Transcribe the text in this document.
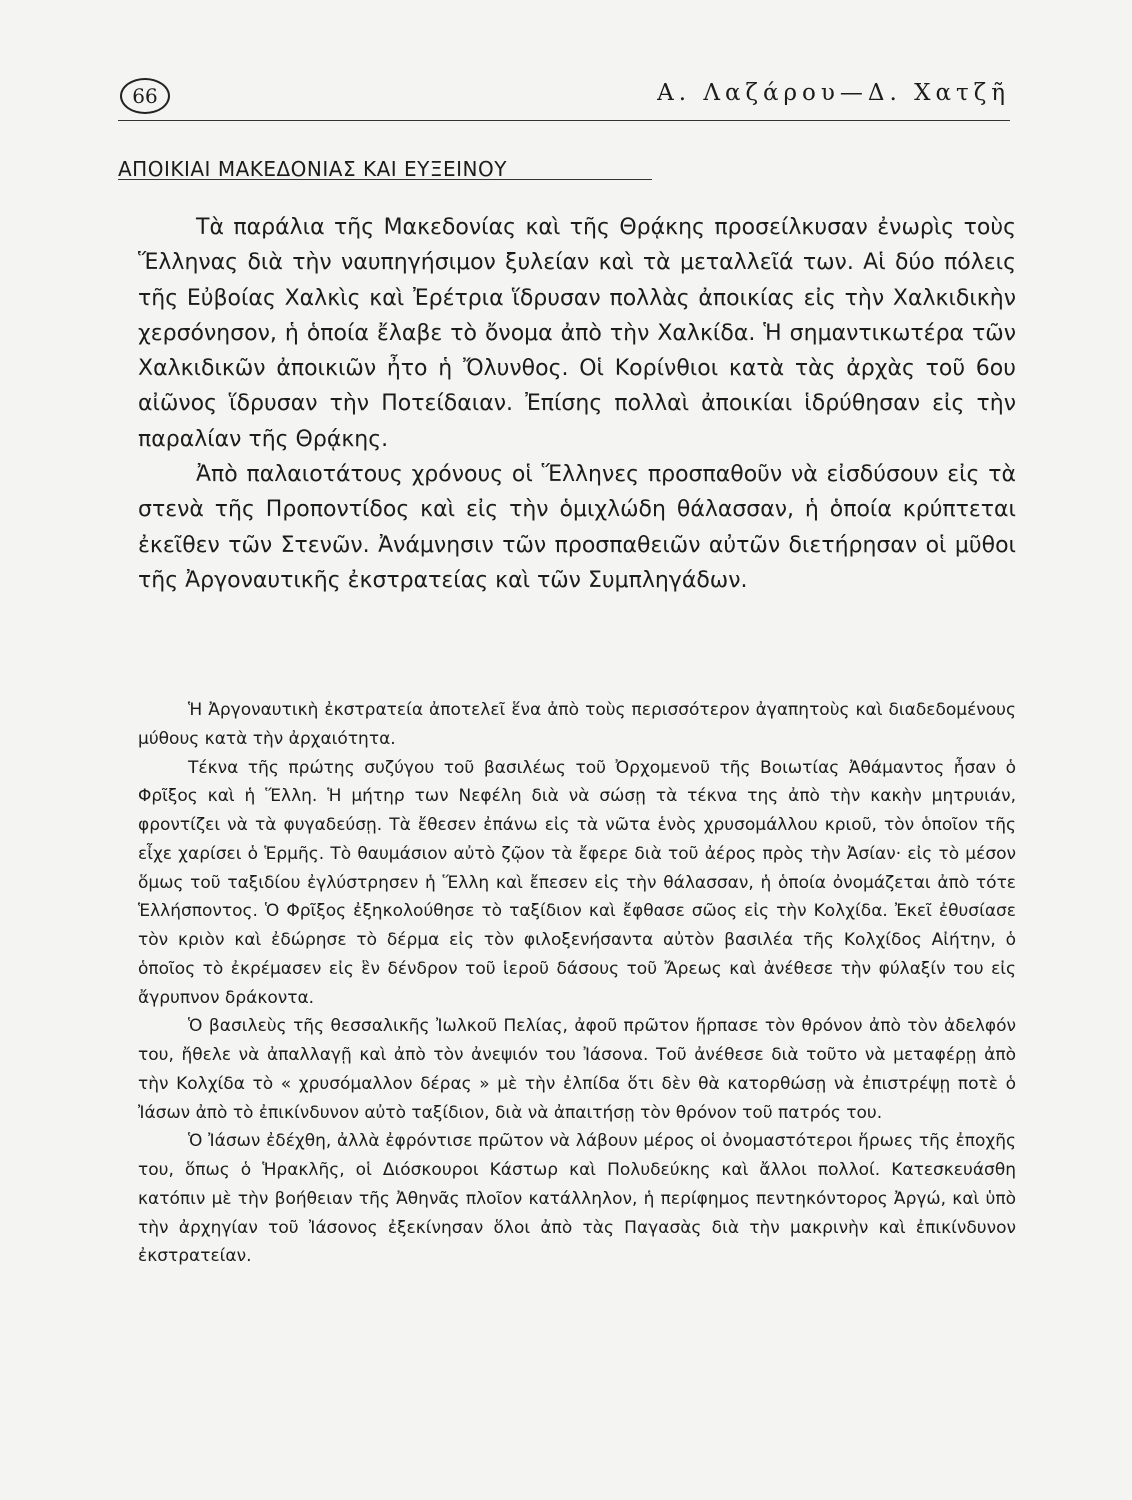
66	Α. Λαζάρου—Δ. Χατζῆ
ΑΠΟΙΚΙΑΙ ΜΑΚΕΔΟΝΙΑΣ ΚΑΙ ΕΥΞΕΙΝΟΥ

Τὰ παράλια τῆς Μακεδονίας καὶ τῆς Θρᾴκης προσείλκυσαν ἐνωρὶς τοὺς Ἕλληνας διὰ τὴν ναυπηγήσιμον ξυλείαν καὶ τὰ μεταλλεῖά των. Αἱ δύο πόλεις τῆς Εὐβοίας Χαλκὶς καὶ Ἐρέτρια ἵδρυσαν πολλὰς ἀποικίας εἰς τὴν Χαλκιδικὴν χερσόνησον, ἡ ὁποία ἔλαβε τὸ ὄνομα ἀπὸ τὴν Χαλκίδα. Ἡ σημαντικωτέρα τῶν Χαλκιδικῶν ἀποικιῶν ἦτο ἡ Ὄλυνθος. Οἱ Κορίνθιοι κατὰ τὰς ἀρχὰς τοῦ 6ου αἰῶνος ἵδρυσαν τὴν Ποτείδαιαν. Ἐπίσης πολλαὶ ἀποικίαι ἱδρύθησαν εἰς τὴν παραλίαν τῆς Θρᾴκης.

Ἀπὸ παλαιοτάτους χρόνους οἱ Ἕλληνες προσπαθοῦν νὰ εἰσδύσουν εἰς τὰ στενὰ τῆς Προποντίδος καὶ εἰς τὴν ὁμιχλώδη θάλασσαν, ἡ ὁποία κρύπτεται ἐκεῖθεν τῶν Στενῶν. Ἀνάμνησιν τῶν προσπαθειῶν αὐτῶν διετήρησαν οἱ μῦθοι τῆς Ἀργοναυτικῆς ἐκστρατείας καὶ τῶν Συμπληγάδων.

Ἡ Ἀργοναυτικὴ ἐκστρατεία ἀποτελεῖ ἕνα ἀπὸ τοὺς περισσότερον ἀγαπητοὺς καὶ διαδεδομένους μύθους κατὰ τὴν ἀρχαιότητα.

Τέκνα τῆς πρώτης συζύγου τοῦ βασιλέως τοῦ Ὀρχομενοῦ τῆς Βοιωτίας Ἀθάμαντος ἦσαν ὁ Φρῖξος καὶ ἡ Ἕλλη. Ἡ μήτηρ των Νεφέλη διὰ νὰ σώσῃ τὰ τέκνα της ἀπὸ τὴν κακὴν μητρυιάν, φροντίζει νὰ τὰ φυγαδεύσῃ. Τὰ ἔθεσεν ἐπάνω εἰς τὰ νῶτα ἑνὸς χρυσομάλλου κριοῦ, τὸν ὁποῖον τῆς εἶχε χαρίσει ὁ Ἑρμῆς. Τὸ θαυμάσιον αὐτὸ ζῷον τὰ ἔφερε διὰ τοῦ ἀέρος πρὸς τὴν Ἀσίαν· εἰς τὸ μέσον ὅμως τοῦ ταξιδίου ἐγλύστρησεν ἡ Ἕλλη καὶ ἔπεσεν εἰς τὴν θάλασσαν, ἡ ὁποία ὀνομάζεται ἀπὸ τότε Ἑλλήσποντος. Ὁ Φρῖξος ἐξηκολούθησε τὸ ταξίδιον καὶ ἔφθασε σῶος εἰς τὴν Κολχίδα. Ἐκεῖ ἐθυσίασε τὸν κριὸν καὶ ἐδώρησε τὸ δέρμα εἰς τὸν φιλοξενήσαντα αὐτὸν βασιλέα τῆς Κολχίδος Αἰήτην, ὁ ὁποῖος τὸ ἐκρέμασεν εἰς ἓν δένδρον τοῦ ἱεροῦ δάσους τοῦ Ἄρεως καὶ ἀνέθεσε τὴν φύλαξίν του εἰς ἄγρυπνον δράκοντα.

Ὁ βασιλεὺς τῆς θεσσαλικῆς Ἰωλκοῦ Πελίας, ἀφοῦ πρῶτον ἥρπασε τὸν θρόνον ἀπὸ τὸν ἀδελφόν του, ἤθελε νὰ ἀπαλλαγῇ καὶ ἀπὸ τὸν ἀνεψιόν του Ἰάσονα. Τοῦ ἀνέθεσε διὰ τοῦτο νὰ μεταφέρῃ ἀπὸ τὴν Κολχίδα τὸ « χρυσόμαλλον δέρας » μὲ τὴν ἐλπίδα ὅτι δὲν θὰ κατορθώσῃ νὰ ἐπιστρέψῃ ποτὲ ὁ Ἰάσων ἀπὸ τὸ ἐπικίνδυνον αὐτὸ ταξίδιον, διὰ νὰ ἀπαιτήσῃ τὸν θρόνον τοῦ πατρός του.

Ὁ Ἰάσων ἐδέχθη, ἀλλὰ ἐφρόντισε πρῶτον νὰ λάβουν μέρος οἱ ὀνομαστότεροι ἥρωες τῆς ἐποχῆς του, ὅπως ὁ Ἡρακλῆς, οἱ Διόσκουροι Κάστωρ καὶ Πολυδεύκης καὶ ἄλλοι πολλοί. Κατεσκευάσθη κατόπιν μὲ τὴν βοήθειαν τῆς Ἀθηνᾶς πλοῖον κατάλληλον, ἡ περίφημος πεντηκόντορος Ἀργώ, καὶ ὑπὸ τὴν ἀρχηγίαν τοῦ Ἰάσονος ἐξεκίνησαν ὅλοι ἀπὸ τὰς Παγασὰς διὰ τὴν μακρινὴν καὶ ἐπικίνδυνον ἐκστρατείαν.
